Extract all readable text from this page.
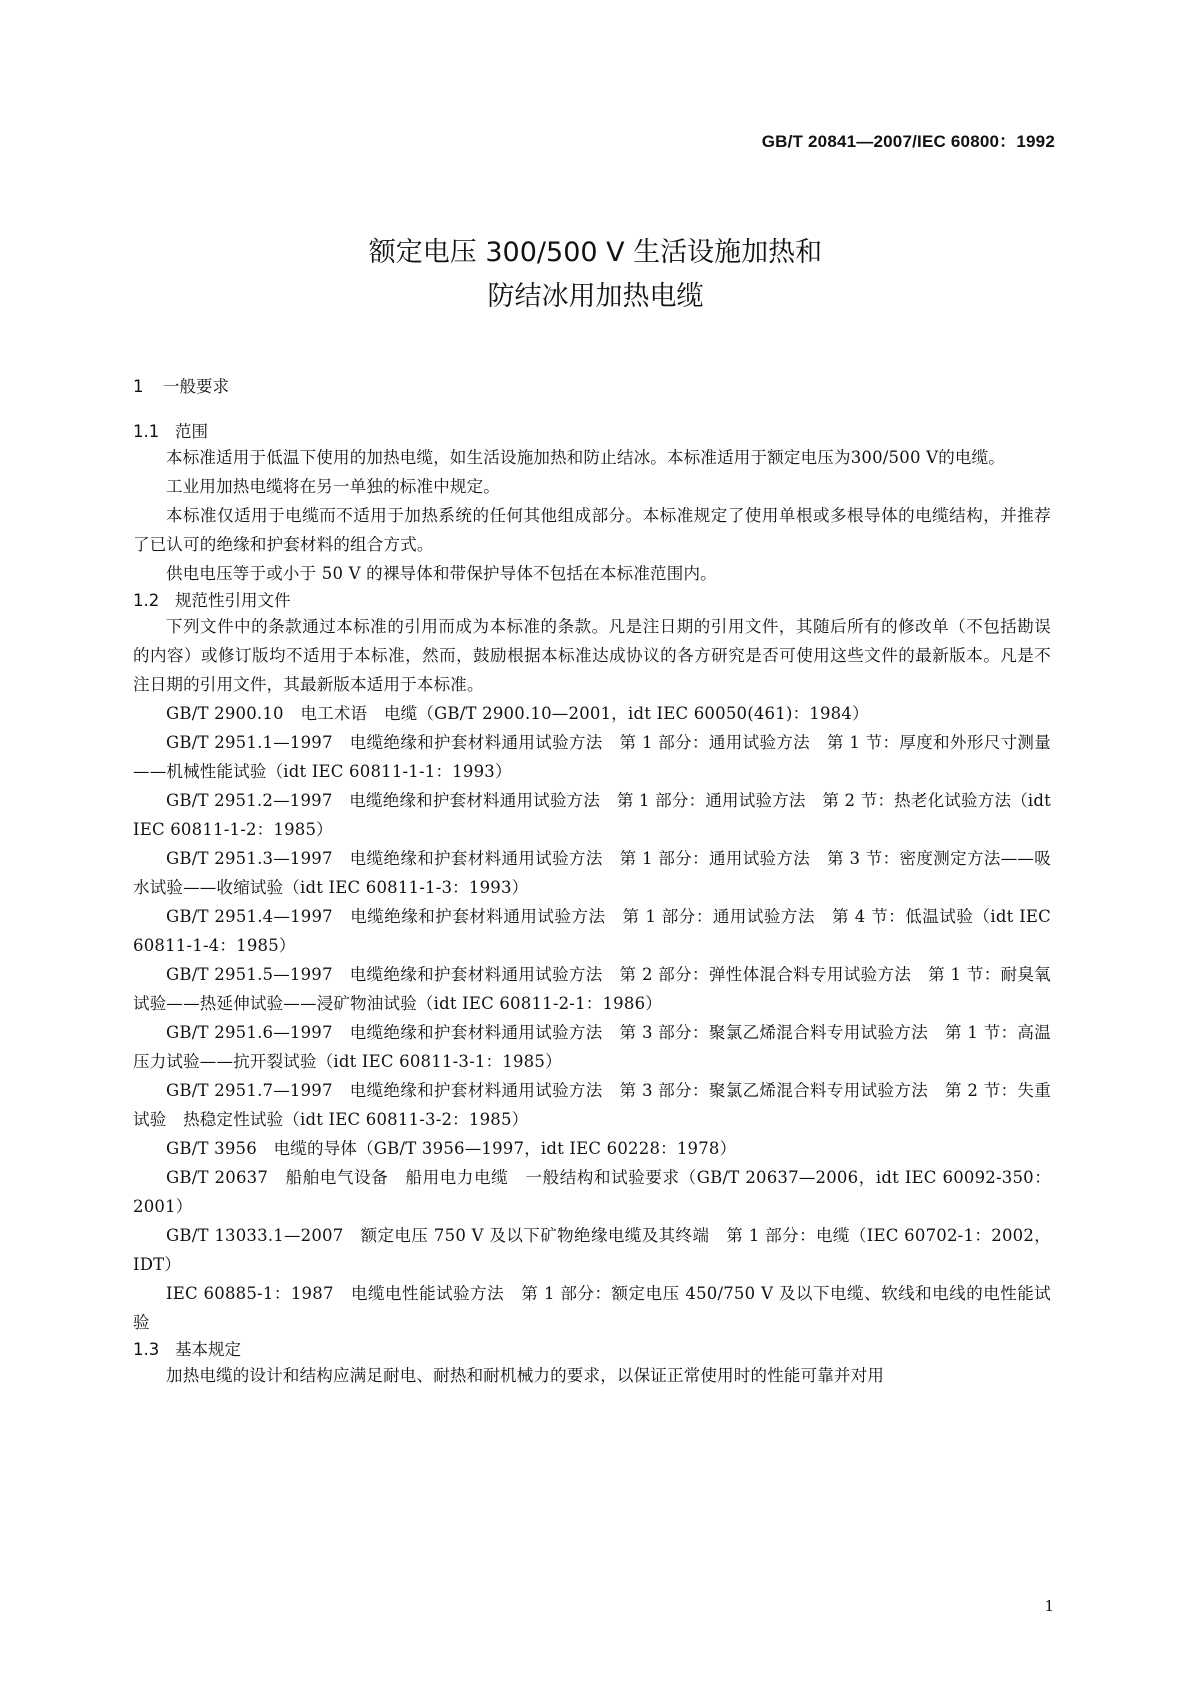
GB/T 20841—2007/IEC 60800：1992
额定电压 300/500 V 生活设施加热和
防结冰用加热电缆
1	一般要求
1.1 范围

本标准适用于低温下使用的加热电缆，如生活设施加热和防止结冰。本标准适用于额定电压为300/500 V的电缆。

工业用加热电缆将在另一单独的标准中规定。

本标准仅适用于电缆而不适用于加热系统的任何其他组成部分。本标准规定了使用单根或多根导体的电缆结构，并推荐了已认可的绝缘和护套材料的组合方式。

供电电压等于或小于 50 V 的裸导体和带保护导体不包括在本标准范围内。

1.2 规范性引用文件

下列文件中的条款通过本标准的引用而成为本标准的条款。凡是注日期的引用文件，其随后所有的修改单（不包括勘误的内容）或修订版均不适用于本标准，然而，鼓励根据本标准达成协议的各方研究是否可使用这些文件的最新版本。凡是不注日期的引用文件，其最新版本适用于本标准。

GB/T 2900.10　电工术语　电缆（GB/T 2900.10—2001，idt IEC 60050(461)：1984）

GB/T 2951.1—1997　电缆绝缘和护套材料通用试验方法　第 1 部分：通用试验方法　第 1 节：厚度和外形尺寸测量——机械性能试验（idt IEC 60811-1-1：1993）

GB/T 2951.2—1997　电缆绝缘和护套材料通用试验方法　第 1 部分：通用试验方法　第 2 节：热老化试验方法（idt IEC 60811-1-2：1985）

GB/T 2951.3—1997　电缆绝缘和护套材料通用试验方法　第 1 部分：通用试验方法　第 3 节：密度测定方法——吸水试验——收缩试验（idt IEC 60811-1-3：1993）

GB/T 2951.4—1997　电缆绝缘和护套材料通用试验方法　第 1 部分：通用试验方法　第 4 节：低温试验（idt IEC 60811-1-4：1985）

GB/T 2951.5—1997　电缆绝缘和护套材料通用试验方法　第 2 部分：弹性体混合料专用试验方法　第 1 节：耐臭氧试验——热延伸试验——浸矿物油试验（idt IEC 60811-2-1：1986）

GB/T 2951.6—1997　电缆绝缘和护套材料通用试验方法　第 3 部分：聚氯乙烯混合料专用试验方法　第 1 节：高温压力试验——抗开裂试验（idt IEC 60811-3-1：1985）

GB/T 2951.7—1997　电缆绝缘和护套材料通用试验方法　第 3 部分：聚氯乙烯混合料专用试验方法　第 2 节：失重试验　热稳定性试验（idt IEC 60811-3-2：1985）

GB/T 3956　电缆的导体（GB/T 3956—1997，idt IEC 60228：1978）

GB/T 20637　船舶电气设备　船用电力电缆　一般结构和试验要求（GB/T 20637—2006，idt IEC 60092-350：2001）

GB/T 13033.1—2007　额定电压 750 V 及以下矿物绝缘电缆及其终端　第 1 部分：电缆（IEC 60702-1：2002，IDT）

IEC 60885-1：1987　电缆电性能试验方法　第 1 部分：额定电压 450/750 V 及以下电缆、软线和电线的电性能试验

1.3 基本规定

加热电缆的设计和结构应满足耐电、耐热和耐机械力的要求，以保证正常使用时的性能可靠并对用

1
